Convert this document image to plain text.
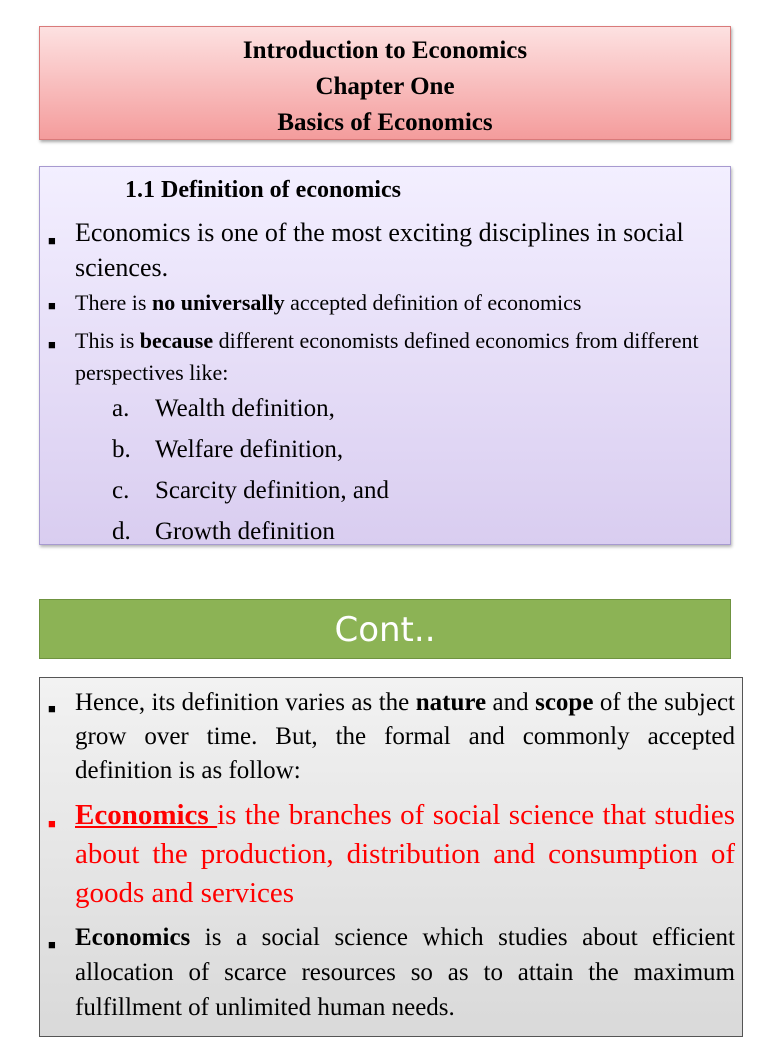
Introduction to Economics
Chapter One
Basics of Economics
1.1 Definition of economics
■ Economics is one of the most exciting disciplines in social sciences.
■ There is no universally accepted definition of economics
■ This is because different economists defined economics from different perspectives like:
a. Wealth definition,
b. Welfare definition,
c. Scarcity definition, and
d. Growth definition
Cont..
■ Hence, its definition varies as the nature and scope of the subject grow over time. But, the formal and commonly accepted definition is as follow:
■ Economics is the branches of social science that studies about the production, distribution and consumption of goods and services
■ Economics is a social science which studies about efficient allocation of scarce resources so as to attain the maximum fulfillment of unlimited human needs.
